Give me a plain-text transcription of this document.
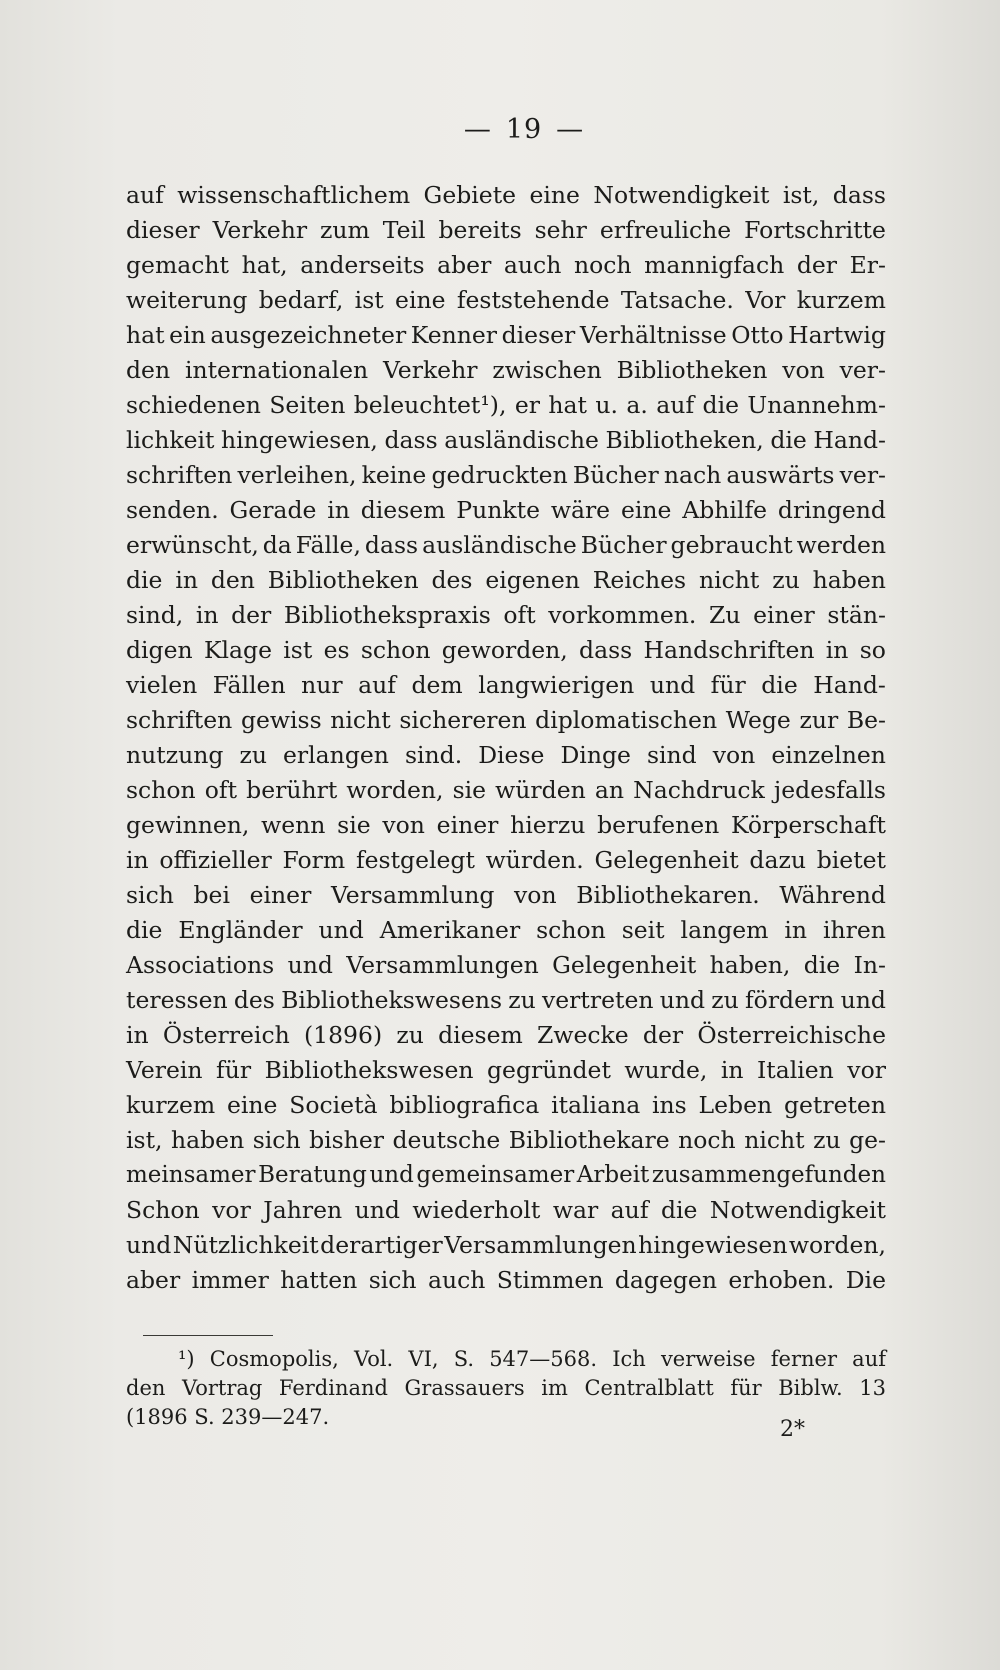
— 19 —
auf wissenschaftlichem Gebiete eine Notwendigkeit ist, dass
dieser Verkehr zum Teil bereits sehr erfreuliche Fortschritte
gemacht hat, anderseits aber auch noch mannigfach der Er-
weiterung bedarf, ist eine feststehende Tatsache. Vor kurzem
hat ein ausgezeichneter Kenner dieser Verhältnisse Otto Hartwig
den internationalen Verkehr zwischen Bibliotheken von ver-
schiedenen Seiten beleuchtet¹), er hat u. a. auf die Unannehm-
lichkeit hingewiesen, dass ausländische Bibliotheken, die Hand-
schriften verleihen, keine gedruckten Bücher nach auswärts ver-
senden. Gerade in diesem Punkte wäre eine Abhilfe dringend
erwünscht, da Fälle, dass ausländische Bücher gebraucht werden
die in den Bibliotheken des eigenen Reiches nicht zu haben
sind, in der Bibliothekspraxis oft vorkommen. Zu einer stän-
digen Klage ist es schon geworden, dass Handschriften in so
vielen Fällen nur auf dem langwierigen und für die Hand-
schriften gewiss nicht sichereren diplomatischen Wege zur Be-
nutzung zu erlangen sind. Diese Dinge sind von einzelnen
schon oft berührt worden, sie würden an Nachdruck jedesfalls
gewinnen, wenn sie von einer hierzu berufenen Körperschaft
in offizieller Form festgelegt würden. Gelegenheit dazu bietet
sich bei einer Versammlung von Bibliothekaren. Während
die Engländer und Amerikaner schon seit langem in ihren
Associations und Versammlungen Gelegenheit haben, die In-
teressen des Bibliothekswesens zu vertreten und zu fördern und
in Österreich (1896) zu diesem Zwecke der Österreichische
Verein für Bibliothekswesen gegründet wurde, in Italien vor
kurzem eine Società bibliografica italiana ins Leben getreten
ist, haben sich bisher deutsche Bibliothekare noch nicht zu ge-
meinsamer Beratung und gemeinsamer Arbeit zusammengefunden
Schon vor Jahren und wiederholt war auf die Notwendigkeit
und Nützlichkeit derartiger Versammlungen hingewiesen worden,
aber immer hatten sich auch Stimmen dagegen erhoben. Die
¹) Cosmopolis, Vol. VI, S. 547—568. Ich verweise ferner auf
den Vortrag Ferdinand Grassauers im Centralblatt für Biblw. 13
(1896 S. 239—247.	2*
